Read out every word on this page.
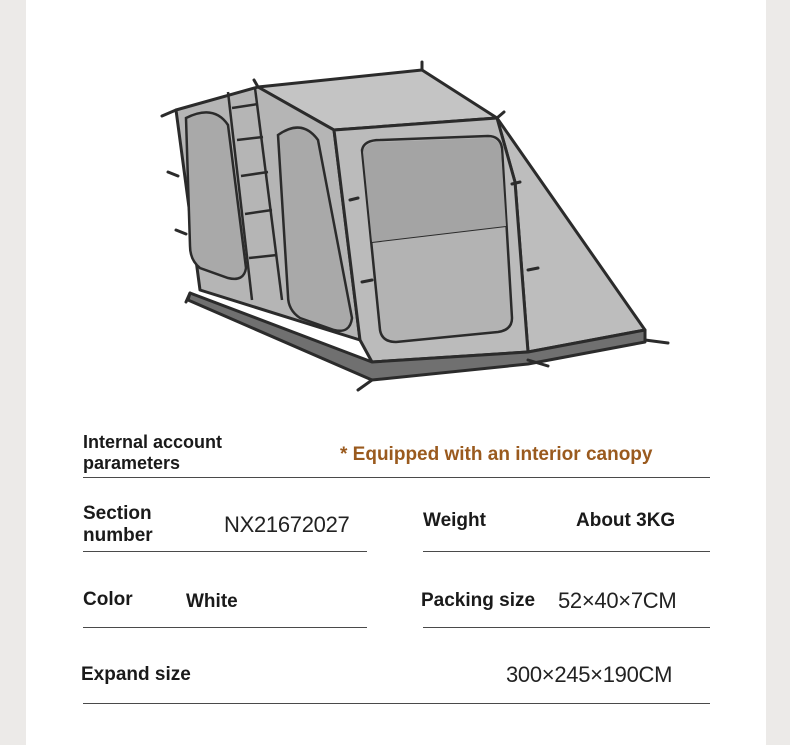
Internal account parameters	* Equipped with an interior canopy
Section number	NX21672027	Weight	About 3KG
Color	White	Packing size 52×40×7CM
Expand size	300×245×190CM
